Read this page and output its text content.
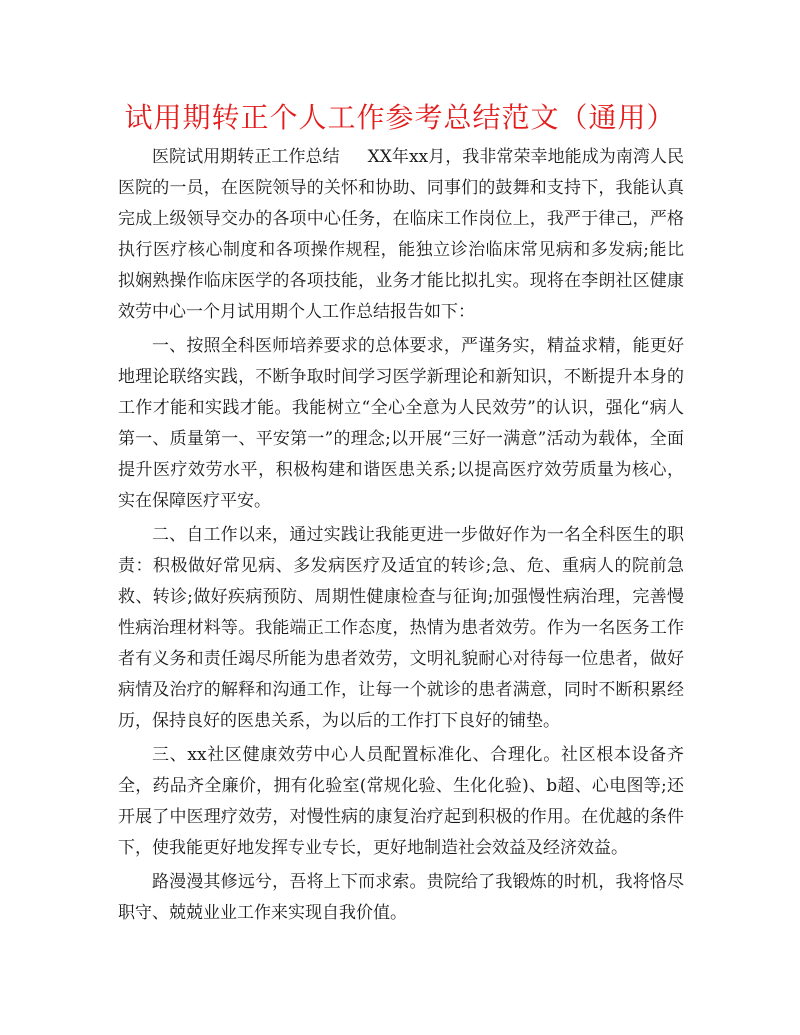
试用期转正个人工作参考总结范文（通用）

医院试用期转正工作总结 XX年xx月，我非常荣幸地能成为南湾人民医院的一员，在医院领导的关怀和协助、同事们的鼓舞和支持下，我能认真完成上级领导交办的各项中心任务，在临床工作岗位上，我严于律己，严格执行医疗核心制度和各项操作规程，能独立诊治临床常见病和多发病;能比拟娴熟操作临床医学的各项技能，业务才能比拟扎实。现将在李朗社区健康效劳中心一个月试用期个人工作总结报告如下：

一、按照全科医师培养要求的总体要求，严谨务实，精益求精，能更好地理论联络实践，不断争取时间学习医学新理论和新知识，不断提升本身的工作才能和实践才能。我能树立“全心全意为人民效劳”的认识，强化“病人第一、质量第一、平安第一”的理念;以开展“三好一满意”活动为载体，全面提升医疗效劳水平，积极构建和谐医患关系;以提高医疗效劳质量为核心，实在保障医疗平安。

二、自工作以来，通过实践让我能更进一步做好作为一名全科医生的职责：积极做好常见病、多发病医疗及适宜的转诊;急、危、重病人的院前急救、转诊;做好疾病预防、周期性健康检查与征询;加强慢性病治理，完善慢性病治理材料等。我能端正工作态度，热情为患者效劳。作为一名医务工作者有义务和责任竭尽所能为患者效劳，文明礼貌耐心对待每一位患者，做好病情及治疗的解释和沟通工作，让每一个就诊的患者满意，同时不断积累经历，保持良好的医患关系，为以后的工作打下良好的铺垫。

三、xx社区健康效劳中心人员配置标准化、合理化。社区根本设备齐全，药品齐全廉价，拥有化验室(常规化验、生化化验)、b超、心电图等;还开展了中医理疗效劳，对慢性病的康复治疗起到积极的作用。在优越的条件下，使我能更好地发挥专业专长，更好地制造社会效益及经济效益。

路漫漫其修远兮，吾将上下而求索。贵院给了我锻炼的时机，我将恪尽职守、兢兢业业工作来实现自我价值。
